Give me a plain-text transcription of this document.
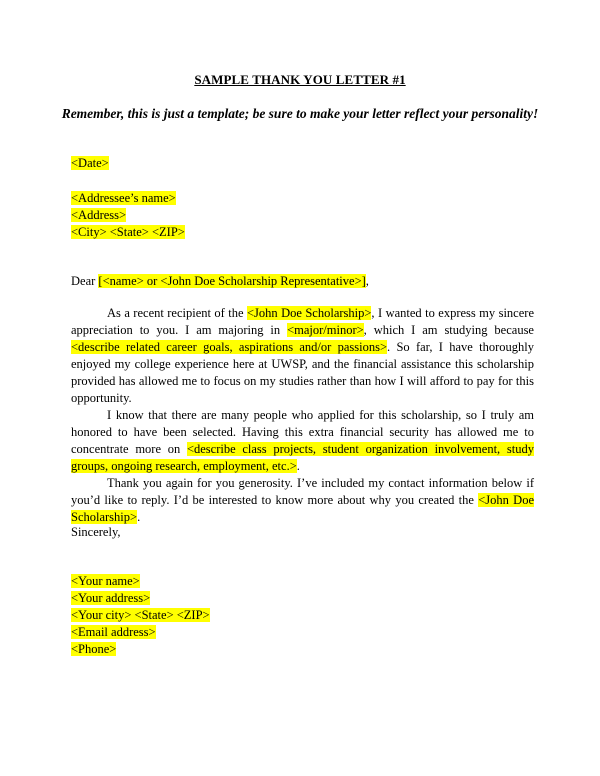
SAMPLE THANK YOU LETTER #1
Remember, this is just a template; be sure to make your letter reflect your personality!
<Date>
<Addressee’s name>
<Address>
<City> <State> <ZIP>
Dear [<name> or <John Doe Scholarship Representative>],

As a recent recipient of the <John Doe Scholarship>, I wanted to express my sincere appreciation to you. I am majoring in <major/minor>, which I am studying because <describe related career goals, aspirations and/or passions>. So far, I have thoroughly enjoyed my college experience here at UWSP, and the financial assistance this scholarship provided has allowed me to focus on my studies rather than how I will afford to pay for this opportunity.

I know that there are many people who applied for this scholarship, so I truly am honored to have been selected. Having this extra financial security has allowed me to concentrate more on <describe class projects, student organization involvement, study groups, ongoing research, employment, etc.>.

Thank you again for you generosity. I’ve included my contact information below if you’d like to reply. I’d be interested to know more about why you created the <John Doe Scholarship>.

Sincerely,
<Your name>
<Your address>
<Your city> <State> <ZIP>
<Email address>
<Phone>
